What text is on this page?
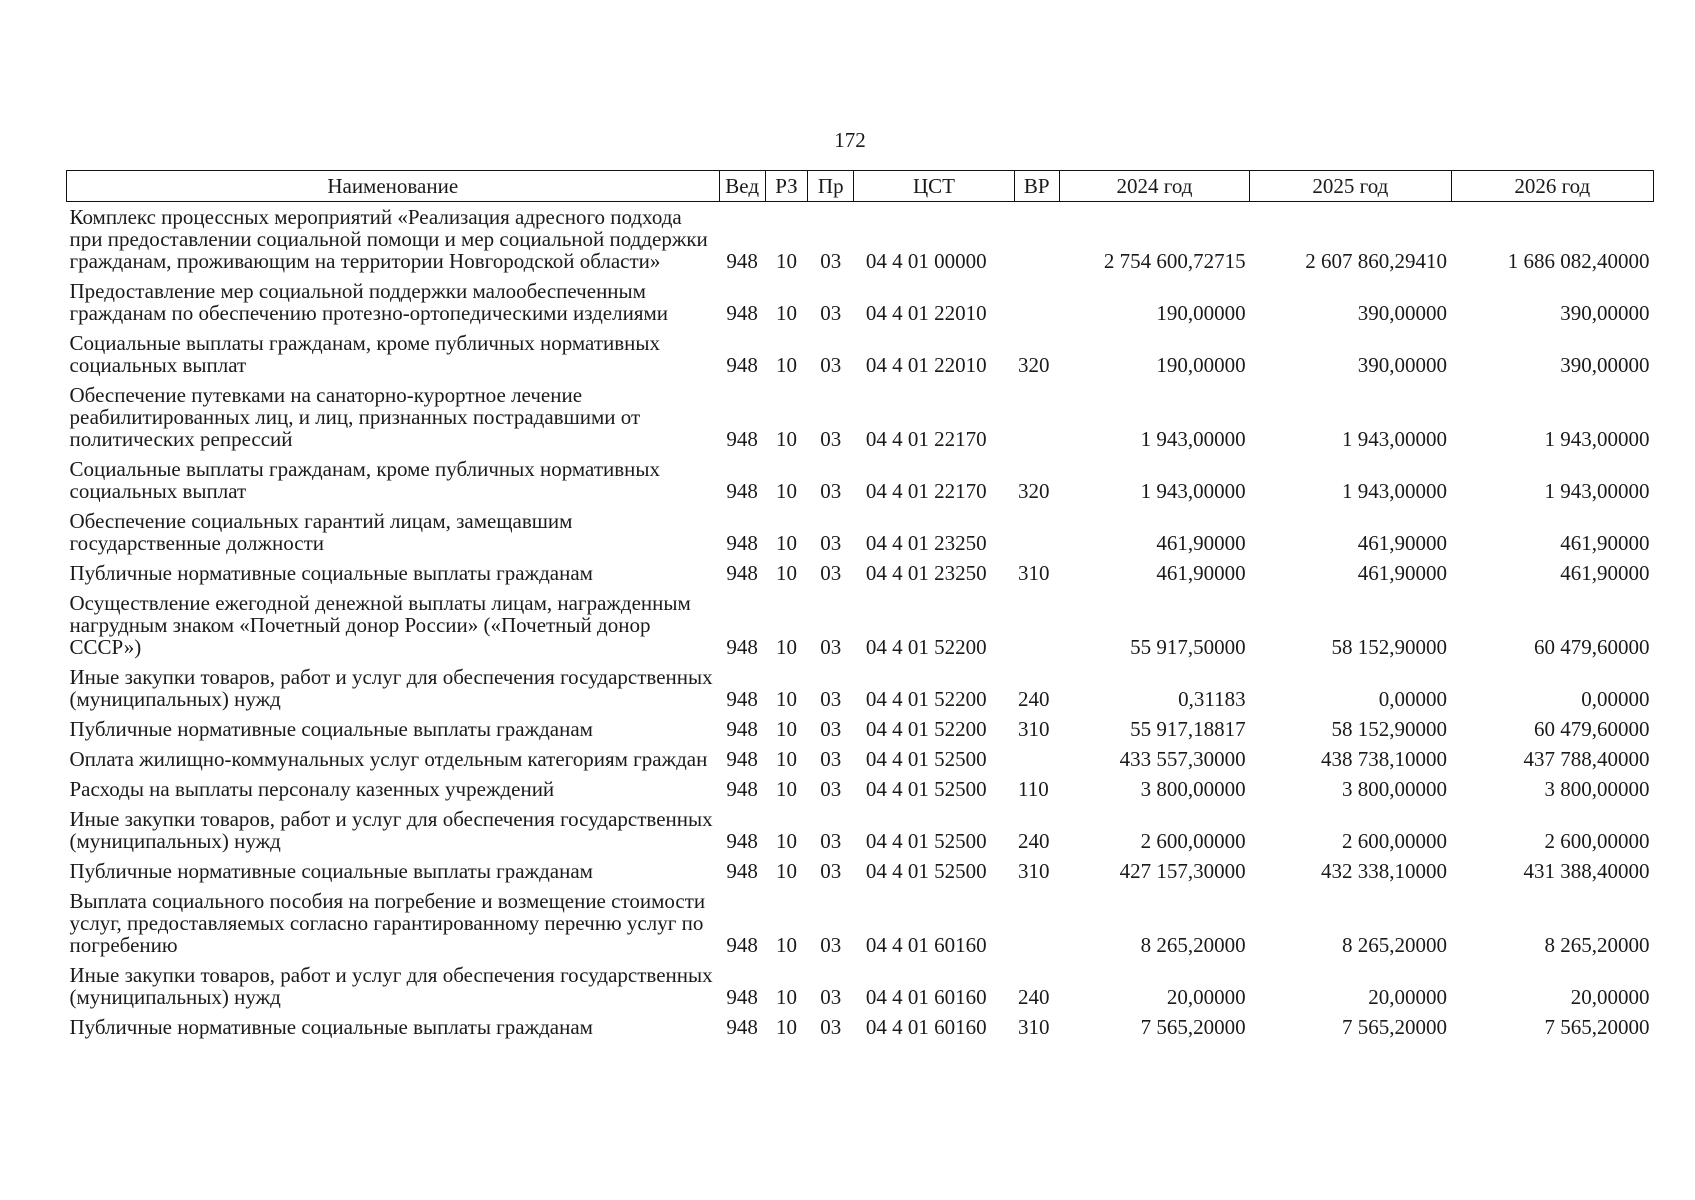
172
Наименование	Вед	РЗ	Пр	ЦСТ	ВР	2024 год	2025 год	2026 год
Комплекс процессных мероприятий «Реализация адресного подхода при предоставлении социальной помощи и мер социальной поддержки гражданам, проживающим на территории Новгородской области»	948	10	03	04 4 01 00000		2 754 600,72715	2 607 860,29410	1 686 082,40000
Предоставление мер социальной поддержки малообеспеченным гражданам по обеспечению протезно-ортопедическими изделиями	948	10	03	04 4 01 22010		190,00000	390,00000	390,00000
Социальные выплаты гражданам, кроме публичных нормативных социальных выплат	948	10	03	04 4 01 22010	320	190,00000	390,00000	390,00000
Обеспечение путевками на санаторно-курортное лечение реабилитированных лиц, и лиц, признанных пострадавшими от политических репрессий	948	10	03	04 4 01 22170		1 943,00000	1 943,00000	1 943,00000
Социальные выплаты гражданам, кроме публичных нормативных социальных выплат	948	10	03	04 4 01 22170	320	1 943,00000	1 943,00000	1 943,00000
Обеспечение социальных гарантий лицам, замещавшим государственные должности	948	10	03	04 4 01 23250		461,90000	461,90000	461,90000
Публичные нормативные социальные выплаты гражданам	948	10	03	04 4 01 23250	310	461,90000	461,90000	461,90000
Осуществление ежегодной денежной выплаты лицам, награжденным нагрудным знаком «Почетный донор России» («Почетный донор СССР»)	948	10	03	04 4 01 52200		55 917,50000	58 152,90000	60 479,60000
Иные закупки товаров, работ и услуг для обеспечения государственных (муниципальных) нужд	948	10	03	04 4 01 52200	240	0,31183	0,00000	0,00000
Публичные нормативные социальные выплаты гражданам	948	10	03	04 4 01 52200	310	55 917,18817	58 152,90000	60 479,60000
Оплата жилищно-коммунальных услуг отдельным категориям граждан	948	10	03	04 4 01 52500		433 557,30000	438 738,10000	437 788,40000
Расходы на выплаты персоналу казенных учреждений	948	10	03	04 4 01 52500	110	3 800,00000	3 800,00000	3 800,00000
Иные закупки товаров, работ и услуг для обеспечения государственных (муниципальных) нужд	948	10	03	04 4 01 52500	240	2 600,00000	2 600,00000	2 600,00000
Публичные нормативные социальные выплаты гражданам	948	10	03	04 4 01 52500	310	427 157,30000	432 338,10000	431 388,40000
Выплата социального пособия на погребение и возмещение стоимости услуг, предоставляемых согласно гарантированному перечню услуг по погребению	948	10	03	04 4 01 60160		8 265,20000	8 265,20000	8 265,20000
Иные закупки товаров, работ и услуг для обеспечения государственных (муниципальных) нужд	948	10	03	04 4 01 60160	240	20,00000	20,00000	20,00000
Публичные нормативные социальные выплаты гражданам	948	10	03	04 4 01 60160	310	7 565,20000	7 565,20000	7 565,20000
